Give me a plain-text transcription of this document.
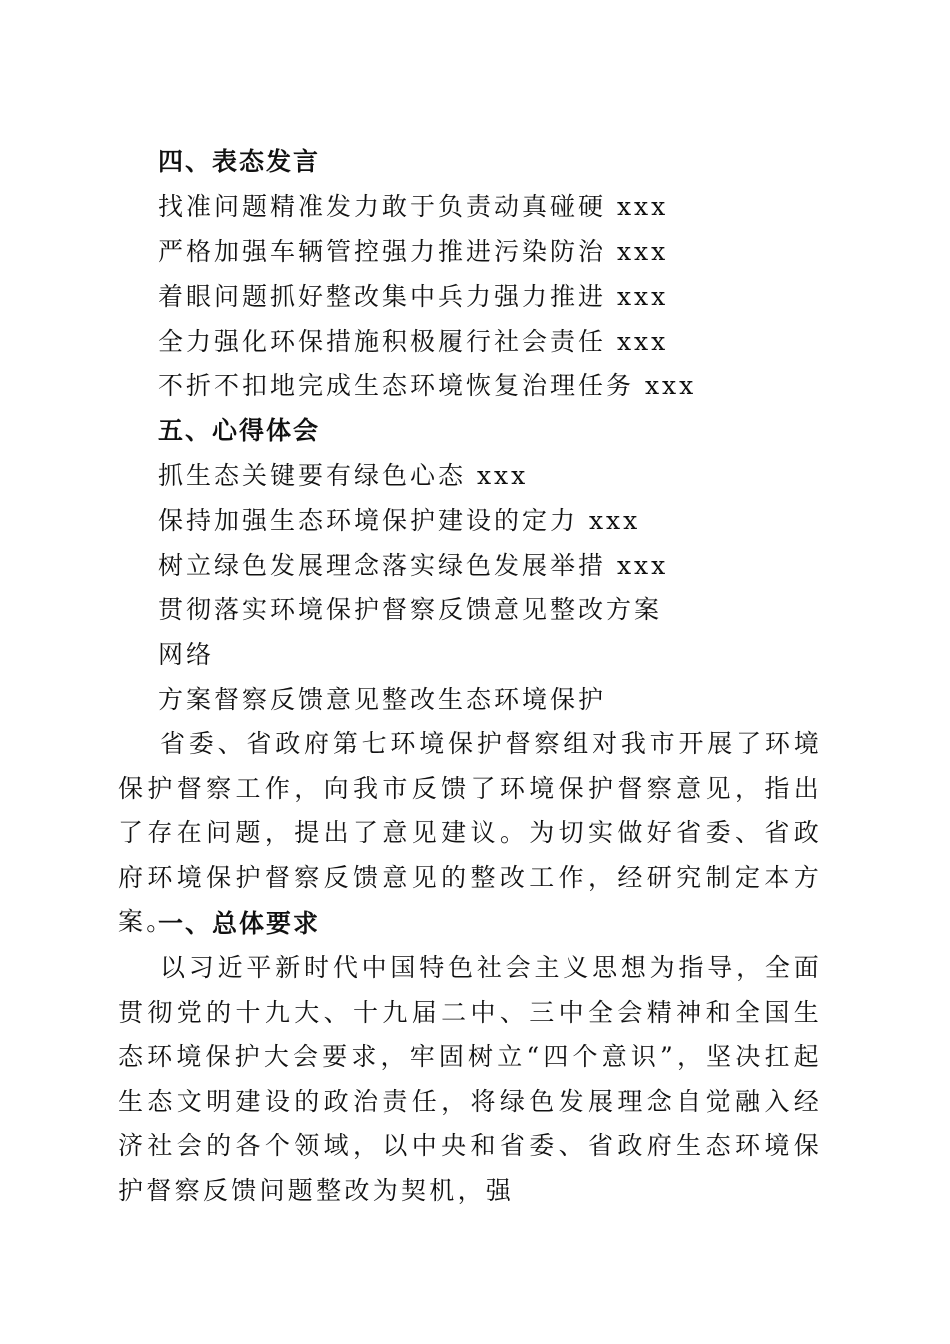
四、表态发言
找准问题精准发力敢于负责动真碰硬 xxx
严格加强车辆管控强力推进污染防治 xxx
着眼问题抓好整改集中兵力强力推进 xxx
全力强化环保措施积极履行社会责任 xxx
不折不扣地完成生态环境恢复治理任务 xxx
五、心得体会
抓生态关键要有绿色心态 xxx
保持加强生态环境保护建设的定力 xxx
树立绿色发展理念落实绿色发展举措 xxx
贯彻落实环境保护督察反馈意见整改方案
网络
方案督察反馈意见整改生态环境保护
省委、省政府第七环境保护督察组对我市开展了环境保护督察工作，向我市反馈了环境保护督察意见，指出了存在问题，提出了意见建议。为切实做好省委、省政府环境保护督察反馈意见的整改工作，经研究制定本方案。
一、总体要求
以习近平新时代中国特色社会主义思想为指导，全面贯彻党的十九大、十九届二中、三中全会精神和全国生态环境保护大会要求，牢固树立“四个意识”，坚决扛起生态文明建设的政治责任，将绿色发展理念自觉融入经济社会的各个领域，以中央和省委、省政府生态环境保护督察反馈问题整改为契机，强
